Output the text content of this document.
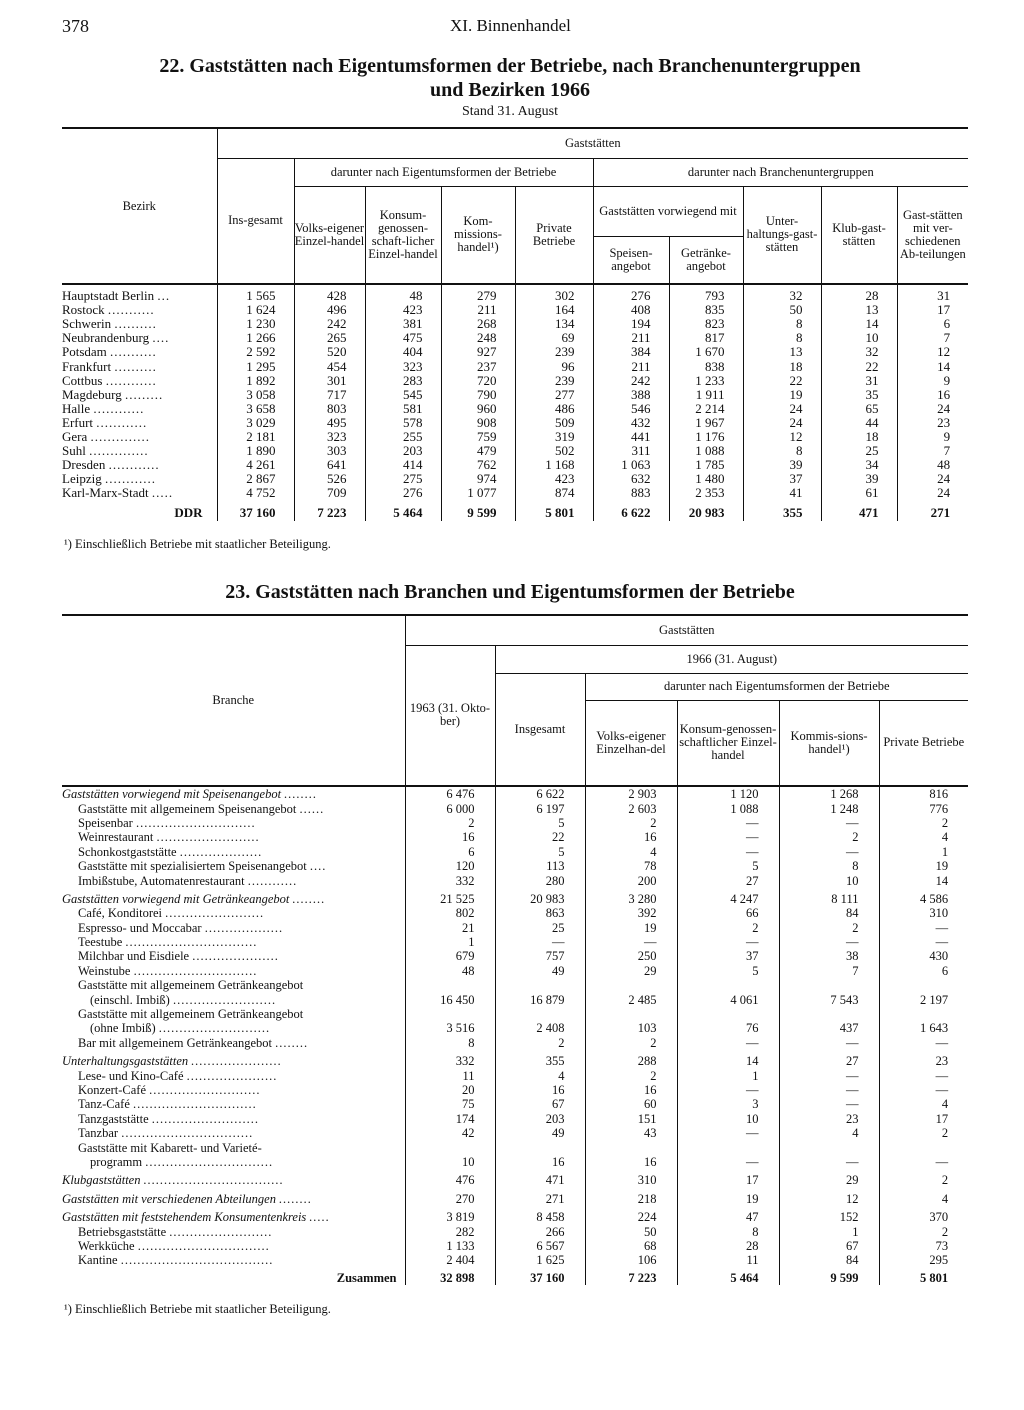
378	XI. Binnenhandel
22. Gaststätten nach Eigentumsformen der Betriebe, nach Branchenuntergruppen
und Bezirken 1966
Stand 31. August
Bezirk	Gaststätten									
	Ins-gesamt	darunter nach Eigentumsformen der Betriebe				darunter nach Branchenuntergruppen				
		Volks-eigener Einzel-handel	Konsum-genossen-schaft-licher Einzel-handel	Kom-missions-handel¹)	Private Betriebe	Gaststätten vorwiegend mit		Unter-haltungs-gast-stätten	Klub-gast-stätten	Gast-stätten mit ver-schiedenen Ab-teilungen
						Speisen-angebot	Getränke-angebot			
Hauptstadt Berlin ...	1 565	428	48	279	302	276	793	32	28	31
Rostock ...........	1 624	496	423	211	164	408	835	50	13	17
Schwerin ..........	1 230	242	381	268	134	194	823	8	14	6
Neubrandenburg ....	1 266	265	475	248	69	211	817	8	10	7
Potsdam ...........	2 592	520	404	927	239	384	1 670	13	32	12
Frankfurt ..........	1 295	454	323	237	96	211	838	18	22	14
Cottbus ............	1 892	301	283	720	239	242	1 233	22	31	9
Magdeburg .........	3 058	717	545	790	277	388	1 911	19	35	16
Halle ............	3 658	803	581	960	486	546	2 214	24	65	24
Erfurt ............	3 029	495	578	908	509	432	1 967	24	44	23
Gera ..............	2 181	323	255	759	319	441	1 176	12	18	9
Suhl ..............	1 890	303	203	479	502	311	1 088	8	25	7
Dresden ............	4 261	641	414	762	1 168	1 063	1 785	39	34	48
Leipzig ............	2 867	526	275	974	423	632	1 480	37	39	24
Karl-Marx-Stadt .....	4 752	709	276	1 077	874	883	2 353	41	61	24
DDR	37 160	7 223	5 464	9 599	5 801	6 622	20 983	355	471	271
¹) Einschließlich Betriebe mit staatlicher Beteiligung.
23. Gaststätten nach Branchen und Eigentumsformen der Betriebe
Branche	Gaststätten					
	1963 (31. Okto-ber)	1966 (31. August)				
		Insgesamt	darunter nach Eigentumsformen der Betriebe			
			Volks-eigener Einzelhan-del	Konsum-genossen-schaftlicher Einzel-handel	Kommis-sions-handel¹)	Private Betriebe
Gaststätten vorwiegend mit Speisenangebot ........	6 476	6 622	2 903	1 120	1 268	816
Gaststätte mit allgemeinem Speisenangebot ......	6 000	6 197	2 603	1 088	1 248	776
Speisenbar .............................	2	5	2	—	—	2
Weinrestaurant .........................	16	22	16	—	2	4
Schonkostgaststätte ....................	6	5	4	—	—	1
Gaststätte mit spezialisiertem Speisenangebot ....	120	113	78	5	8	19
Imbißstube, Automatenrestaurant ............	332	280	200	27	10	14
Gaststätten vorwiegend mit Getränkeangebot ........	21 525	20 983	3 280	4 247	8 111	4 586
Café, Konditorei ........................	802	863	392	66	84	310
Espresso- und Moccabar ...................	21	25	19	2	2	—
Teestube ................................	1	—	—	—	—	—
Milchbar und Eisdiele .....................	679	757	250	37	38	430
Weinstube ..............................	48	49	29	5	7	6
Gaststätte mit allgemeinem Getränkeangebot						
(einschl. Imbiß) .........................	16 450	16 879	2 485	4 061	7 543	2 197
Gaststätte mit allgemeinem Getränkeangebot						
(ohne Imbiß) ...........................	3 516	2 408	103	76	437	1 643
Bar mit allgemeinem Getränkeangebot ........	8	2	2	—	—	—
Unterhaltungsgaststätten ......................	332	355	288	14	27	23
Lese- und Kino-Café ......................	11	4	2	1	—	—
Konzert-Café ...........................	20	16	16	—	—	—
Tanz-Café ..............................	75	67	60	3	—	4
Tanzgaststätte ..........................	174	203	151	10	23	17
Tanzbar ................................	42	49	43	—	4	2
Gaststätte mit Kabarett- und Varieté-						
programm ...............................	10	16	16	—	—	—
Klubgaststätten ..................................	476	471	310	17	29	2
Gaststätten mit verschiedenen Abteilungen ........	270	271	218	19	12	4
Gaststätten mit feststehendem Konsumentenkreis .....	3 819	8 458	224	47	152	370
Betriebsgaststätte .........................	282	266	50	8	1	2
Werkküche ................................	1 133	6 567	68	28	67	73
Kantine .....................................	2 404	1 625	106	11	84	295
Zusammen	32 898	37 160	7 223	5 464	9 599	5 801
¹) Einschließlich Betriebe mit staatlicher Beteiligung.
